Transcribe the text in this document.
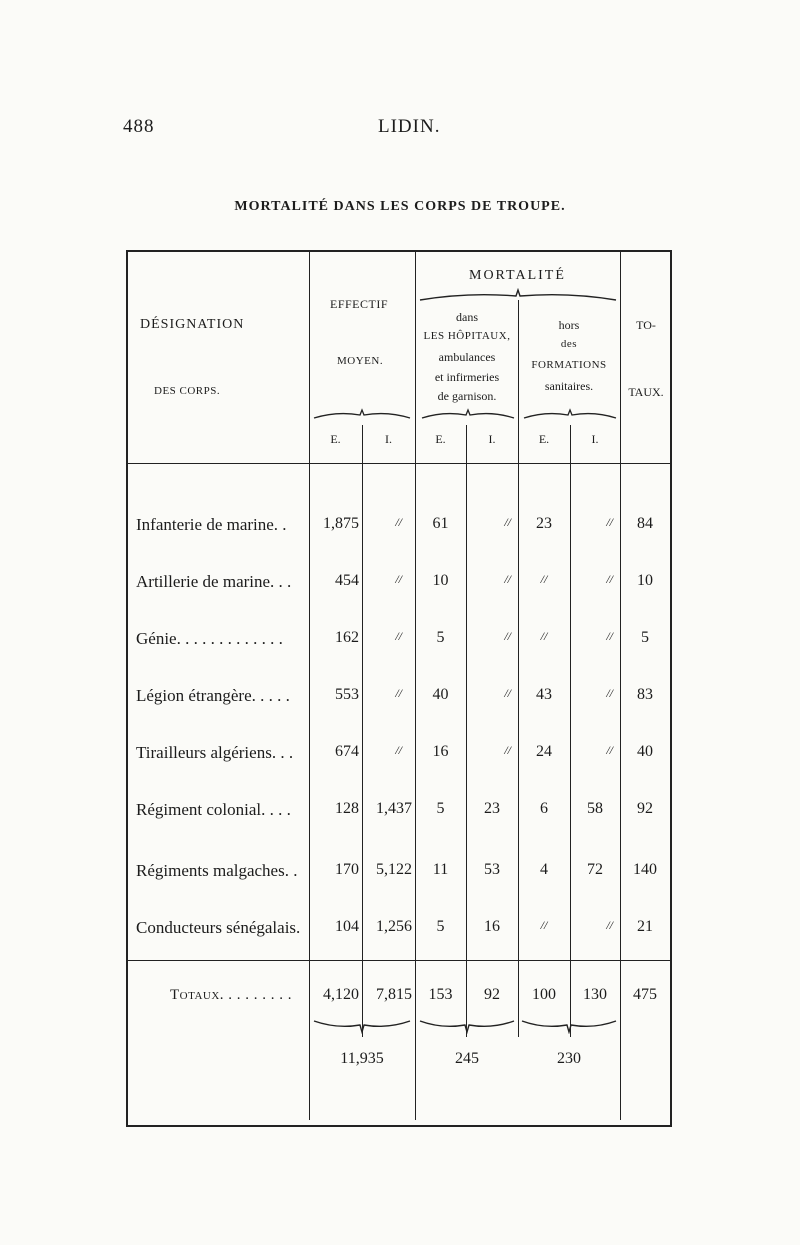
488	LIDIN.
MORTALITÉ DANS LES CORPS DE TROUPE.
DÉSIGNATION
DES CORPS.
EFFECTIF
MOYEN.
MORTALITÉ
dans
LES HÔPITAUX,
ambulances
et infirmeries
de garnison.
hors
des
FORMATIONS
sanitaires.
TO-
TAUX.
E.	I.	E.	I.	E.	I.
Infanterie de marine. .	1,875	//	61	//	23	//	84
Artillerie de marine. . .	454	//	10	//	//	//	10
Génie. . . . . . . . . . . . .	162	//	5	//	//	//	5
Légion étrangère. . . . .	553	//	40	//	43	//	83
Tirailleurs algériens. . .	674	//	16	//	24	//	40
Régiment colonial. . . .	128	1,437	5	23	6	58	92
Régiments malgaches. .	170	5,122	11	53	4	72	140
Conducteurs sénégalais.	104	1,256	5	16	//	//	21
Totaux. . . . . . . . .	4,120	7,815	153	92	100	130	475
11,935	245	230
